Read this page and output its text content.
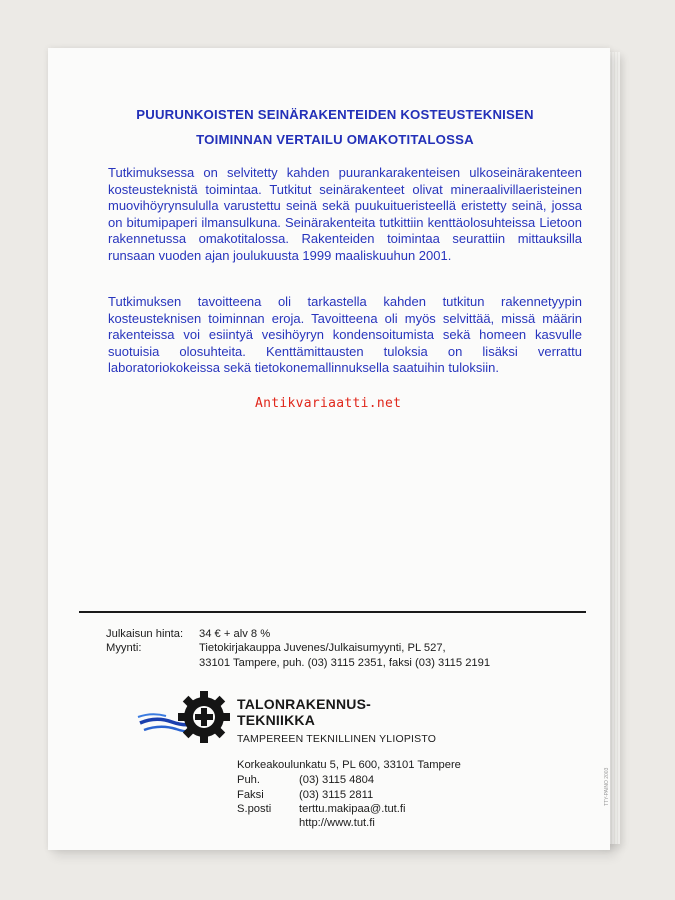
PUURUNKOISTEN SEINÄRAKENTEIDEN KOSTEUSTEKNISEN
TOIMINNAN VERTAILU OMAKOTITALOSSA
Tutkimuksessa on selvitetty kahden puurankarakenteisen ulkoseinärakenteen kosteusteknistä toimintaa. Tutkitut seinärakenteet olivat mineraalivillaeristeinen muovihöyrynsululla varustettu seinä sekä puukuitueristeellä eristetty seinä, jossa on bitumipaperi ilmansulkuna. Seinärakenteita tutkittiin kenttäolosuhteissa Lietoon rakennetussa omakotitalossa. Rakenteiden toimintaa seurattiin mittauksilla runsaan vuoden ajan joulukuusta 1999 maaliskuuhun 2001.
Tutkimuksen tavoitteena oli tarkastella kahden tutkitun rakennetyypin kosteusteknisen toiminnan eroja. Tavoitteena oli myös selvittää, missä määrin rakenteissa voi esiintyä vesihöyryn kondensoitumista sekä homeen kasvulle suotuisia olosuhteita. Kenttämittausten tuloksia on lisäksi verrattu laboratoriokokeissa sekä tietokonemallinnuksella saatuihin tuloksiin.
Antikvariaatti.net
Julkaisun hinta: 34 € + alv 8 %
Myynti:	Tietokirjakauppa Juvenes/Julkaisumyynti, PL 527,
33101 Tampere, puh. (03) 3115 2351, faksi (03) 3115 2191
TALONRAKENNUS-
TEKNIIKKA
TAMPEREEN TEKNILLINEN YLIOPISTO
Korkeakoulunkatu 5, PL 600, 33101 Tampere
Puh.	(03) 3115 4804
Faksi	(03) 3115 2811
S.posti terttu.makipaa@.tut.fi
http://www.tut.fi
TTY-PAINO 2003
